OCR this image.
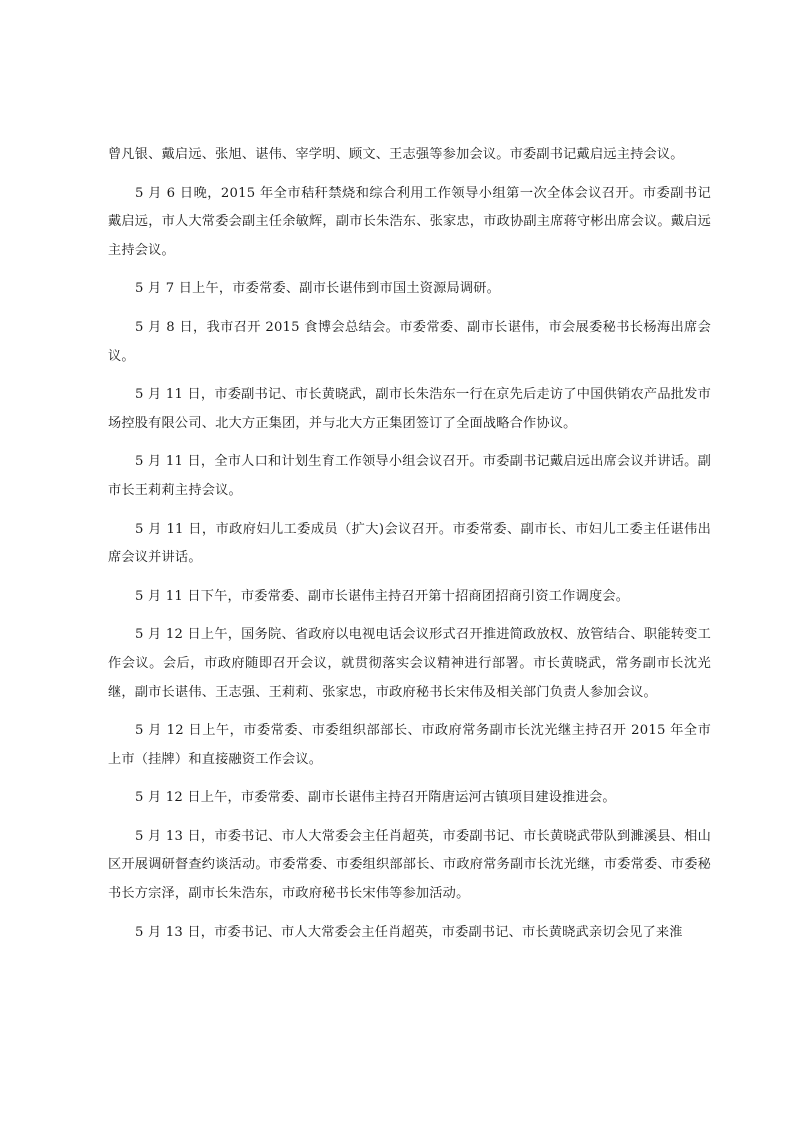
曾凡银、戴启远、张旭、谌伟、宰学明、顾文、王志强等参加会议。市委副书记戴启远主持会议。

5 月 6 日晚，2015 年全市秸秆禁烧和综合利用工作领导小组第一次全体会议召开。市委副书记戴启远，市人大常委会副主任余敏辉，副市长朱浩东、张家忠，市政协副主席蒋守彬出席会议。戴启远主持会议。

5 月 7 日上午，市委常委、副市长谌伟到市国土资源局调研。

5 月 8 日，我市召开 2015 食博会总结会。市委常委、副市长谌伟，市会展委秘书长杨海出席会议。

5 月 11 日，市委副书记、市长黄晓武，副市长朱浩东一行在京先后走访了中国供销农产品批发市场控股有限公司、北大方正集团，并与北大方正集团签订了全面战略合作协议。

5 月 11 日，全市人口和计划生育工作领导小组会议召开。市委副书记戴启远出席会议并讲话。副市长王莉莉主持会议。

5 月 11 日，市政府妇儿工委成员（扩大)会议召开。市委常委、副市长、市妇儿工委主任谌伟出席会议并讲话。

5 月 11 日下午，市委常委、副市长谌伟主持召开第十招商团招商引资工作调度会。

5 月 12 日上午，国务院、省政府以电视电话会议形式召开推进简政放权、放管结合、职能转变工作会议。会后，市政府随即召开会议，就贯彻落实会议精神进行部署。市长黄晓武，常务副市长沈光继，副市长谌伟、王志强、王莉莉、张家忠，市政府秘书长宋伟及相关部门负责人参加会议。

5 月 12 日上午，市委常委、市委组织部部长、市政府常务副市长沈光继主持召开 2015 年全市上市（挂牌）和直接融资工作会议。

5 月 12 日上午，市委常委、副市长谌伟主持召开隋唐运河古镇项目建设推进会。

5 月 13 日，市委书记、市人大常委会主任肖超英，市委副书记、市长黄晓武带队到濉溪县、相山区开展调研督查约谈活动。市委常委、市委组织部部长、市政府常务副市长沈光继，市委常委、市委秘书长方宗泽，副市长朱浩东，市政府秘书长宋伟等参加活动。

5 月 13 日，市委书记、市人大常委会主任肖超英，市委副书记、市长黄晓武亲切会见了来淮
